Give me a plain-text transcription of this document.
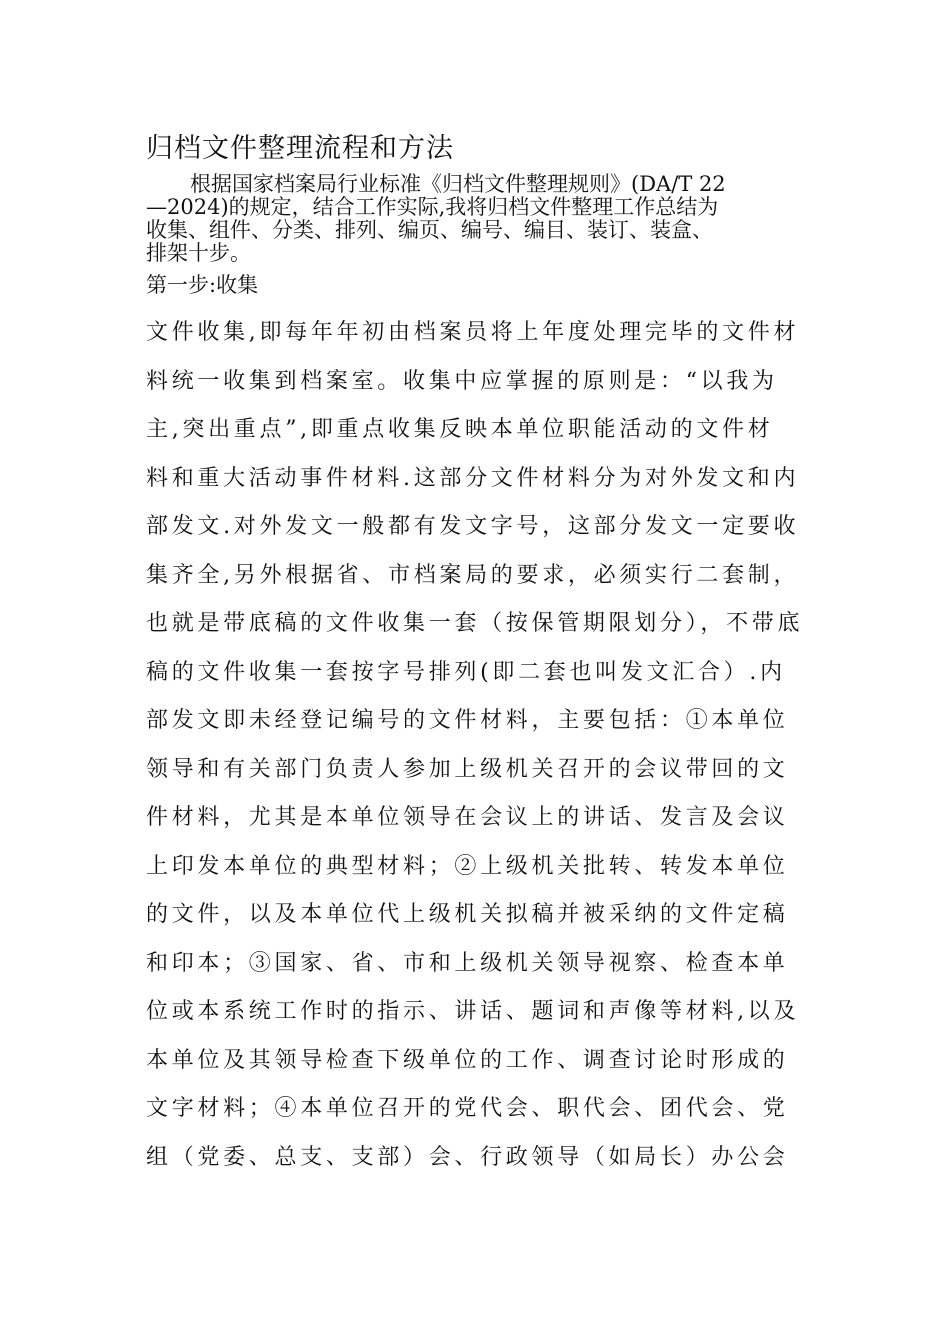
归档文件整理流程和方法
根据国家档案局行业标准《归档文件整理规则》(DA/T 22
—2024)的规定，结合工作实际,我将归档文件整理工作总结为
收集、组件、分类、排列、编页、编号、编目、装订、装盒、
排架十步。
第一步:收集
文件收集,即每年年初由档案员将上年度处理完毕的文件材
料统一收集到档案室。收集中应掌握的原则是：“以我为
主,突出重点”,即重点收集反映本单位职能活动的文件材
料和重大活动事件材料.这部分文件材料分为对外发文和内
部发文.对外发文一般都有发文字号，这部分发文一定要收
集齐全,另外根据省、市档案局的要求，必须实行二套制，
也就是带底稿的文件收集一套（按保管期限划分），不带底
稿的文件收集一套按字号排列(即二套也叫发文汇合）.内
部发文即未经登记编号的文件材料，主要包括：①本单位
领导和有关部门负责人参加上级机关召开的会议带回的文
件材料，尤其是本单位领导在会议上的讲话、发言及会议
上印发本单位的典型材料；②上级机关批转、转发本单位
的文件，以及本单位代上级机关拟稿并被采纳的文件定稿
和印本；③国家、省、市和上级机关领导视察、检查本单
位或本系统工作时的指示、讲话、题词和声像等材料,以及
本单位及其领导检查下级单位的工作、调查讨论时形成的
文字材料；④本单位召开的党代会、职代会、团代会、党
组（党委、总支、支部）会、行政领导（如局长）办公会
